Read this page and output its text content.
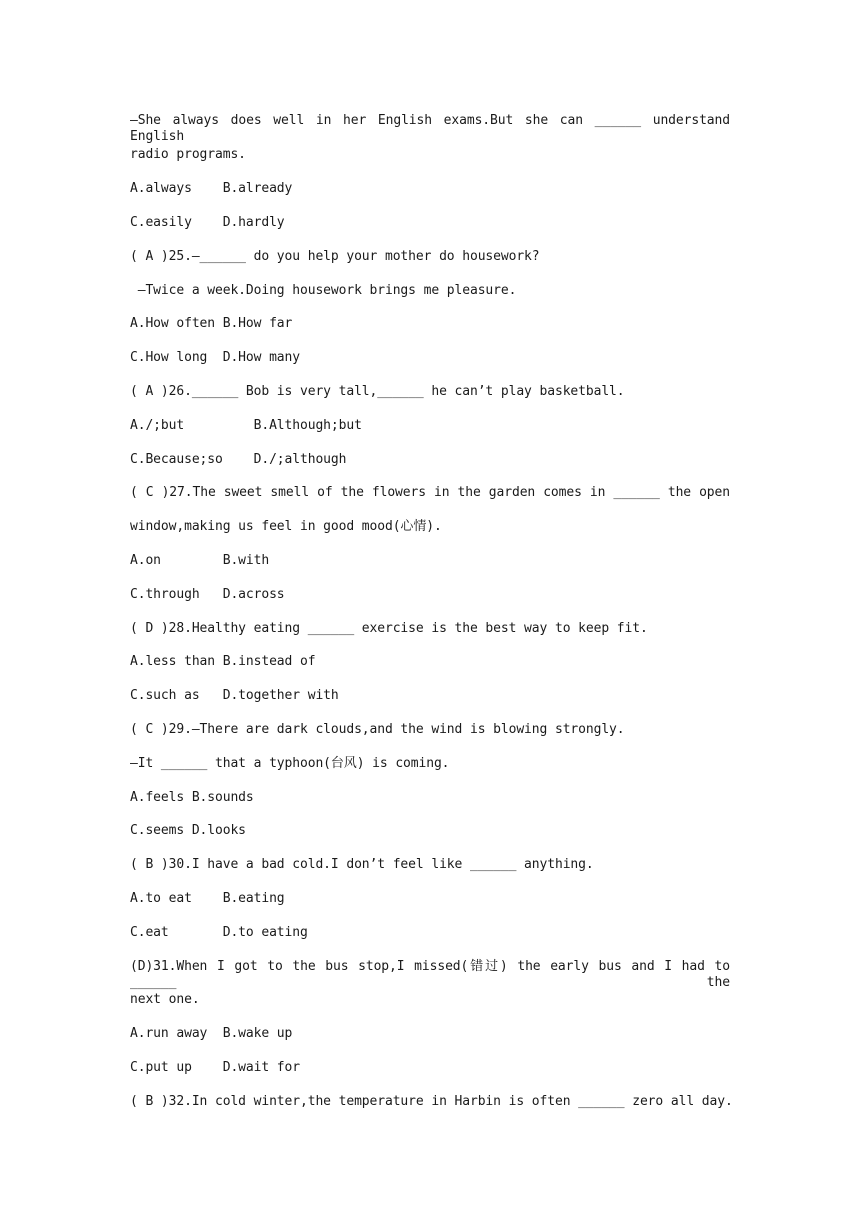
—She always does well in her English exams.But she can ______ understand English
radio programs.
A.always    B.already
C.easily    D.hardly
( A )25.—______ do you help your mother do housework?
—Twice a week.Doing housework brings me pleasure.
A.How often B.How far
C.How long  D.How many
( A )26.______ Bob is very tall,______ he can’t play basketball.
A./;but         B.Although;but
C.Because;so    D./;although
( C )27.The sweet smell of the flowers in the garden comes in ______ the open
window,making us feel in good mood(心情).
A.on        B.with
C.through   D.across
( D )28.Healthy eating ______ exercise is the best way to keep fit.
A.less than B.instead of
C.such as   D.together with
( C )29.—There are dark clouds,and the wind is blowing strongly.
—It ______ that a typhoon(台风) is coming.
A.feels B.sounds
C.seems D.looks
( B )30.I have a bad cold.I don’t feel like ______ anything.
A.to eat    B.eating
C.eat       D.to eating
(D)31.When I got to the bus stop,I missed(错过) the early bus and I had to ______ the
next one.
A.run away  B.wake up
C.put up    D.wait for
( B )32.In cold winter,the temperature in Harbin is often ______ zero all day.
